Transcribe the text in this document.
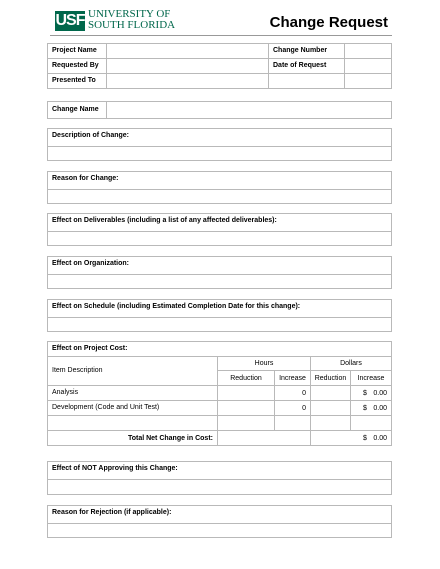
USF UNIVERSITY OF
SOUTH FLORIDA	Change Request
Project Name		Change Number	
Requested By		Date of Request	
Presented To			
Change Name	
Description of Change:
Reason for Change:
Effect on Deliverables (including a list of any affected deliverables):
Effect on Organization:
Effect on Schedule (including Estimated Completion Date for this change):
Effect on Project Cost:				
Item Description	Hours		Dollars	
	Reduction	Increase	Reduction	Increase
Analysis		0		$ 0.00

Development (Code and Unit Test)		0		$ 0.00

Total Net Change in Cost:			$ 0.00	
Effect of NOT Approving this Change:
Reason for Rejection (if applicable):
